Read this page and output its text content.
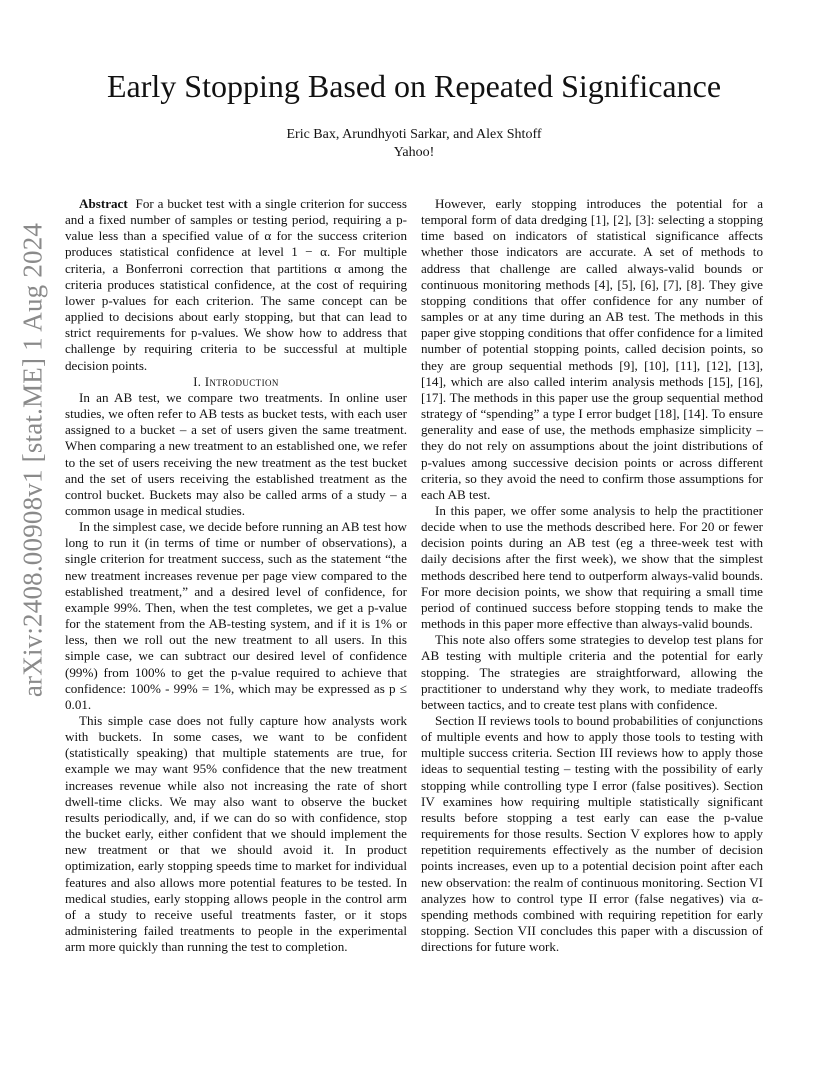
arXiv:2408.00908v1 [stat.ME] 1 Aug 2024
Early Stopping Based on Repeated Significance
Eric Bax, Arundhyoti Sarkar, and Alex Shtoff
Yahoo!

Abstract For a bucket test with a single criterion for success and a fixed number of samples or testing period, requiring a p-value less than a specified value of α for the success criterion produces statistical confidence at level 1 − α. For multiple criteria, a Bonferroni correction that partitions α among the criteria produces statistical confidence, at the cost of requiring lower p-values for each criterion. The same concept can be applied to decisions about early stopping, but that can lead to strict requirements for p-values. We show how to address that challenge by requiring criteria to be successful at multiple decision points.

I. Introduction

In an AB test, we compare two treatments. In online user studies, we often refer to AB tests as bucket tests, with each user assigned to a bucket – a set of users given the same treatment. When comparing a new treatment to an established one, we refer to the set of users receiving the new treatment as the test bucket and the set of users receiving the established treatment as the control bucket. Buckets may also be called arms of a study – a common usage in medical studies.

In the simplest case, we decide before running an AB test how long to run it (in terms of time or number of observations), a single criterion for treatment success, such as the statement “the new treatment increases revenue per page view compared to the established treatment,” and a desired level of confidence, for example 99%. Then, when the test completes, we get a p-value for the statement from the AB-testing system, and if it is 1% or less, then we roll out the new treatment to all users. In this simple case, we can subtract our desired level of confidence (99%) from 100% to get the p-value required to achieve that confidence: 100% - 99% = 1%, which may be expressed as p ≤ 0.01.

This simple case does not fully capture how analysts work with buckets. In some cases, we want to be confident (statistically speaking) that multiple statements are true, for example we may want 95% confidence that the new treatment increases revenue while also not increasing the rate of short dwell-time clicks. We may also want to observe the bucket results periodically, and, if we can do so with confidence, stop the bucket early, either confident that we should implement the new treatment or that we should avoid it. In product optimization, early stopping speeds time to market for individual features and also allows more potential features to be tested. In medical studies, early stopping allows people in the control arm of a study to receive useful treatments faster, or it stops administering failed treatments to people in the experimental arm more quickly than running the test to completion.

However, early stopping introduces the potential for a temporal form of data dredging [1], [2], [3]: selecting a stopping time based on indicators of statistical significance affects whether those indicators are accurate. A set of methods to address that challenge are called always-valid bounds or continuous monitoring methods [4], [5], [6], [7], [8]. They give stopping conditions that offer confidence for any number of samples or at any time during an AB test. The methods in this paper give stopping conditions that offer confidence for a limited number of potential stopping points, called decision points, so they are group sequential methods [9], [10], [11], [12], [13], [14], which are also called interim analysis methods [15], [16], [17]. The methods in this paper use the group sequential method strategy of “spending” a type I error budget [18], [14]. To ensure generality and ease of use, the methods emphasize simplicity – they do not rely on assumptions about the joint distributions of p-values among successive decision points or across different criteria, so they avoid the need to confirm those assumptions for each AB test.

In this paper, we offer some analysis to help the practitioner decide when to use the methods described here. For 20 or fewer decision points during an AB test (eg a three-week test with daily decisions after the first week), we show that the simplest methods described here tend to outperform always-valid bounds. For more decision points, we show that requiring a small time period of continued success before stopping tends to make the methods in this paper more effective than always-valid bounds.

This note also offers some strategies to develop test plans for AB testing with multiple criteria and the potential for early stopping. The strategies are straightforward, allowing the practitioner to understand why they work, to mediate tradeoffs between tactics, and to create test plans with confidence.

Section II reviews tools to bound probabilities of conjunctions of multiple events and how to apply those tools to testing with multiple success criteria. Section III reviews how to apply those ideas to sequential testing – testing with the possibility of early stopping while controlling type I error (false positives). Section IV examines how requiring multiple statistically significant results before stopping a test early can ease the p-value requirements for those results. Section V explores how to apply repetition requirements effectively as the number of decision points increases, even up to a potential decision point after each new observation: the realm of continuous monitoring. Section VI analyzes how to control type II error (false negatives) via α-spending methods combined with requiring repetition for early stopping. Section VII concludes this paper with a discussion of directions for future work.
